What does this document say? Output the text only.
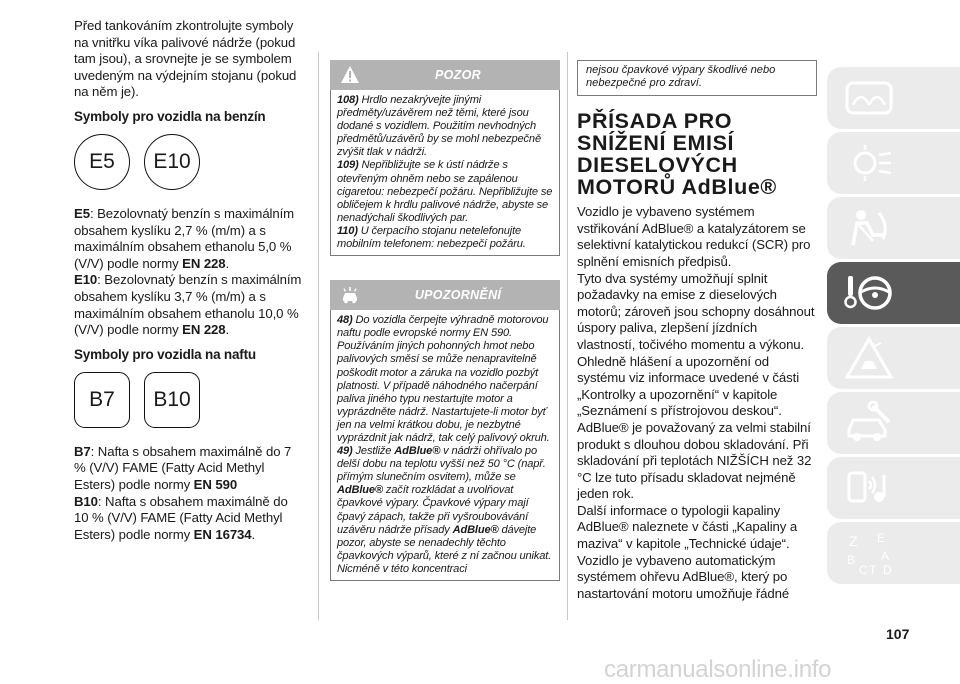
Před tankováním zkontrolujte symboly na vnitřku víka palivové nádrže (pokud tam jsou), a srovnejte je se symbolem uvedeným na výdejním stojanu (pokud na něm je).

Symboly pro vozidla na benzín
E5	E10

E5: Bezolovnatý benzín s maximálním obsahem kyslíku 2,7 % (m/m) a s maximálním obsahem ethanolu 5,0 % (V/V) podle normy EN 228.

E10: Bezolovnatý benzín s maximálním obsahem kyslíku 3,7 % (m/m) a s maximálním obsahem ethanolu 10,0 % (V/V) podle normy EN 228.

Symboly pro vozidla na naftu
B7	B10

B7: Nafta s obsahem maximálně do 7 % (V/V) FAME (Fatty Acid Methyl Esters) podle normy EN 590

B10: Nafta s obsahem maximálně do 10 % (V/V) FAME (Fatty Acid Methyl Esters) podle normy EN 16734.

POZOR

108) Hrdlo nezakrývejte jinými předměty/uzávěrem než těmi, které jsou dodané s vozidlem. Použitím nevhodných předmětů/uzávěrů by se mohl nebezpečně zvýšit tlak v nádrži.

109) Nepřibližujte se k ústí nádrže s otevřeným ohněm nebo se zapálenou cigaretou: nebezpečí požáru. Nepřibližujte se obličejem k hrdlu palivové nádrže, abyste se nenadýchali škodlivých par.

110) U čerpacího stojanu netelefonujte mobilním telefonem: nebezpečí požáru.

UPOZORNĚNÍ

48) Do vozidla čerpejte výhradně motorovou naftu podle evropské normy EN 590. Používáním jiných pohonných hmot nebo palivových směsí se může nenapravitelně poškodit motor a záruka na vozidlo pozbýt platnosti. V případě náhodného načerpání paliva jiného typu nestartujte motor a vyprázdněte nádrž. Nastartujete-li motor byť jen na velmi krátkou dobu, je nezbytné vyprázdnit jak nádrž, tak celý palivový okruh.

49) Jestliže AdBlue® v nádrži ohřívalo po delší dobu na teplotu vyšší než 50 °C (např. přímým slunečním osvitem), může se AdBlue® začít rozkládat a uvolňovat čpavkové výpary. Čpavkové výpary mají čpavý zápach, takže při vyšroubovávání uzávěru nádrže přísady AdBlue® dávejte pozor, abyste se nenadechly těchto čpavkových výparů, které z ní začnou unikat. Nicméně v této koncentraci

nejsou čpavkové výpary škodlivé nebo nebezpečné pro zdraví.

PŘÍSADA PRO
SNÍŽENÍ EMISÍ
DIESELOVÝCH
MOTORŮ AdBlue®

Vozidlo je vybaveno systémem vstřikování AdBlue® a katalyzátorem se selektivní katalytickou redukcí (SCR) pro splnění emisních předpisů.

Tyto dva systémy umožňují splnit požadavky na emise z dieselových motorů; zároveň jsou schopny dosáhnout úspory paliva, zlepšení jízdních vlastností, točivého momentu a výkonu. Ohledně hlášení a upozornění od systému viz informace uvedené v části „Kontrolky a upozornění“ v kapitole „Seznámení s přístrojovou deskou“.

AdBlue® je považovaný za velmi stabilní produkt s dlouhou dobou skladování. Při skladování při teplotách NIŽŠÍCH než 32 °C lze tuto přísadu skladovat nejméně jeden rok.

Další informace o typologii kapaliny AdBlue® naleznete v části „Kapaliny a maziva“ v kapitole „Technické údaje“.

Vozidlo je vybaveno automatickým systémem ohřevu AdBlue®, který po nastartování motoru umožňuje řádné

Z E
B A
C T D
107
carmanualsonline.info
